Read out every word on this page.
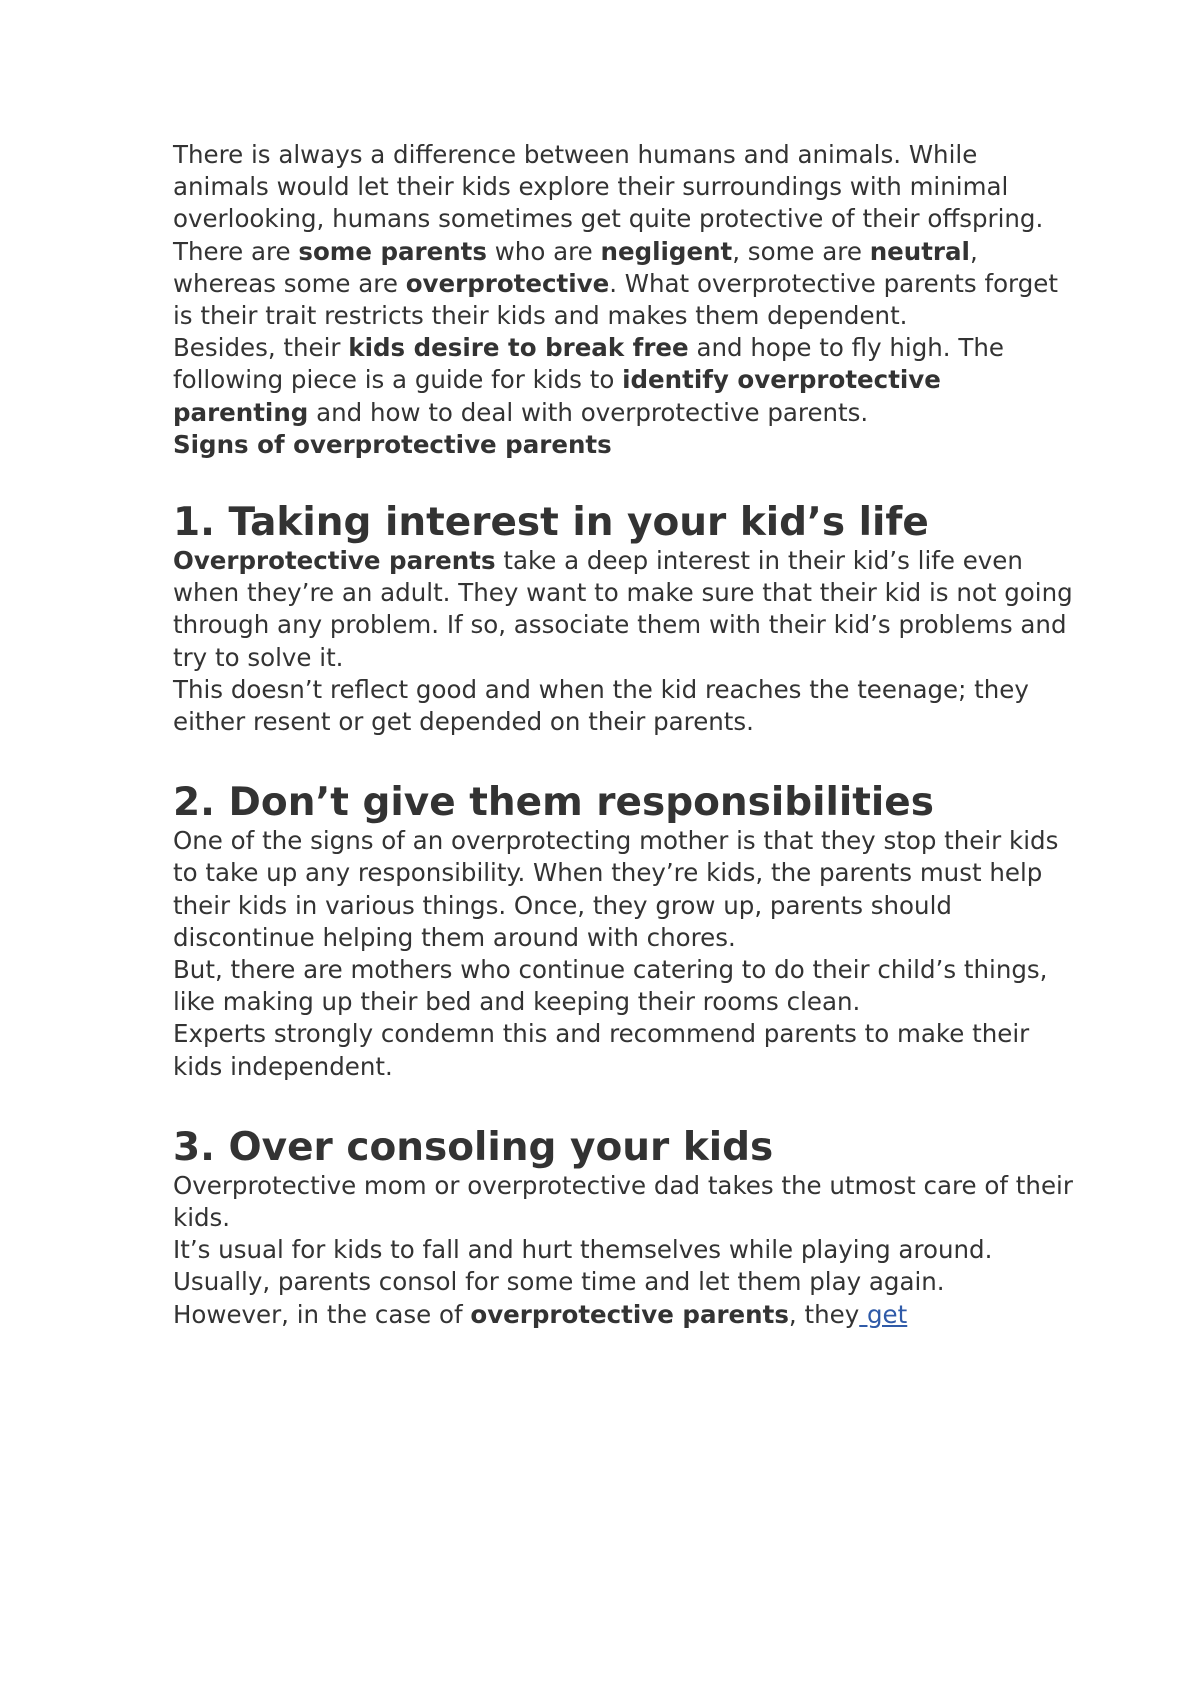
There is always a difference between humans and animals. While animals would let their kids explore their surroundings with minimal overlooking, humans sometimes get quite protective of their offspring.

There are some parents who are negligent, some are neutral, whereas some are overprotective. What overprotective parents forget is their trait restricts their kids and makes them dependent.

Besides, their kids desire to break free and hope to fly high. The following piece is a guide for kids to identify overprotective parenting and how to deal with overprotective parents.

Signs of overprotective parents

1. Taking interest in your kid’s life

Overprotective parents take a deep interest in their kid’s life even when they’re an adult. They want to make sure that their kid is not going through any problem. If so, associate them with their kid’s problems and try to solve it.

This doesn’t reflect good and when the kid reaches the teenage; they either resent or get depended on their parents.

2. Don’t give them responsibilities

One of the signs of an overprotecting mother is that they stop their kids to take up any responsibility. When they’re kids, the parents must help their kids in various things. Once, they grow up, parents should discontinue helping them around with chores.

But, there are mothers who continue catering to do their child’s things, like making up their bed and keeping their rooms clean.

Experts strongly condemn this and recommend parents to make their kids independent.

3. Over consoling your kids

Overprotective mom or overprotective dad takes the utmost care of their kids.

It’s usual for kids to fall and hurt themselves while playing around.

Usually, parents consol for some time and let them play again.

However, in the case of overprotective parents, they get
